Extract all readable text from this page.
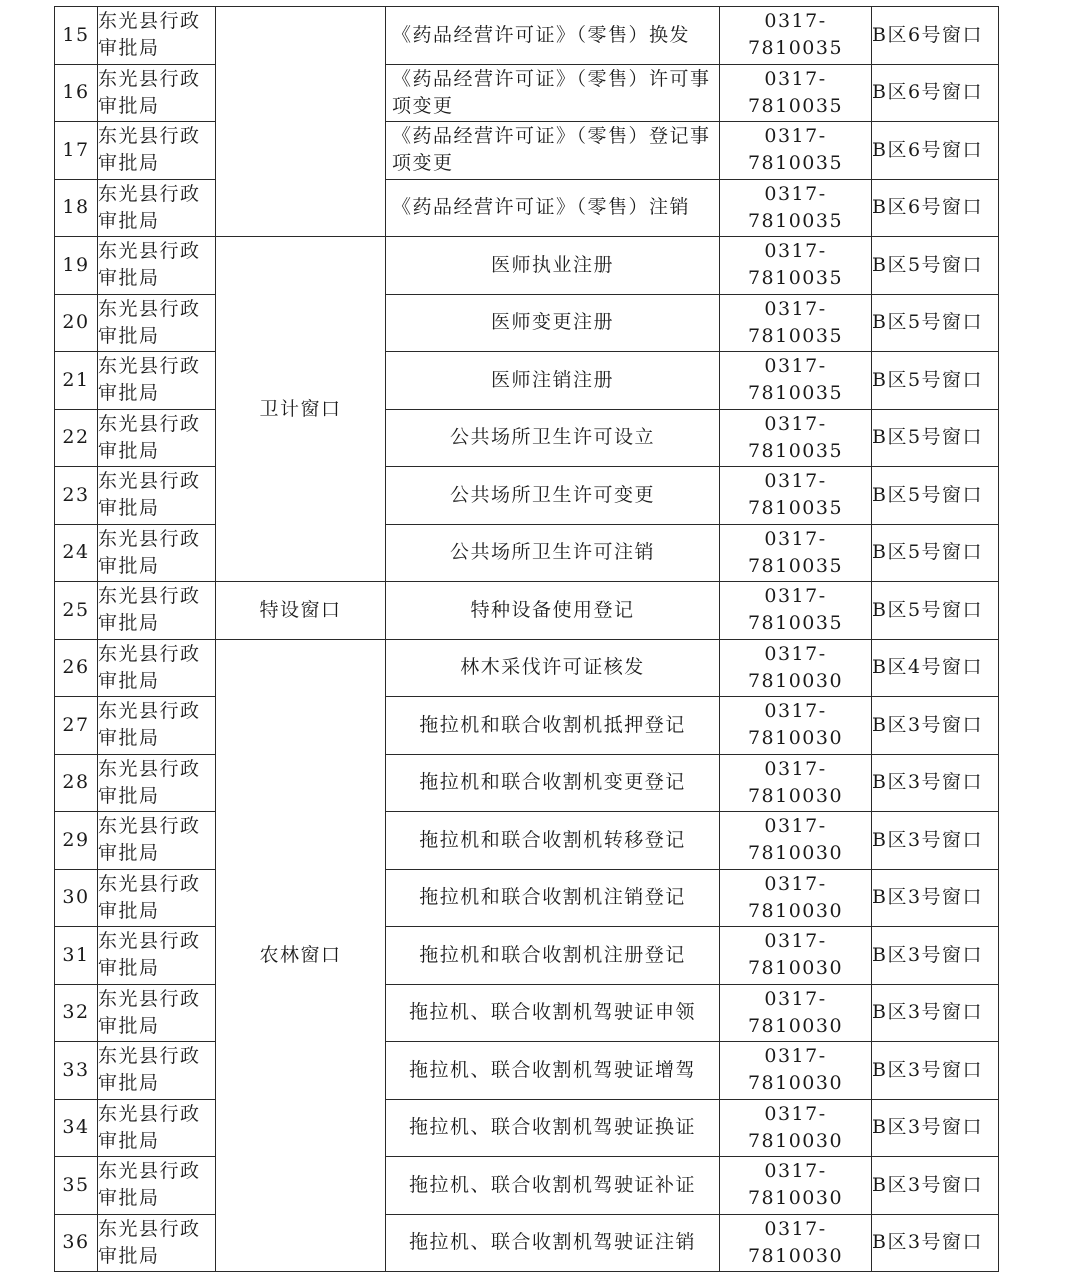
15	东光县行政审批局		《药品经营许可证》（零售）换发	0317-7810035	B区6号窗口

16	东光县行政审批局		《药品经营许可证》（零售）许可事项变更	0317-7810035	B区6号窗口

17	东光县行政审批局		《药品经营许可证》（零售）登记事项变更	0317-7810035	B区6号窗口

18	东光县行政审批局		《药品经营许可证》（零售）注销	0317-7810035	B区6号窗口

19	东光县行政审批局	卫计窗口	医师执业注册	0317-7810035	B区5号窗口

20	东光县行政审批局		医师变更注册	0317-7810035	B区5号窗口

21	东光县行政审批局		医师注销注册	0317-7810035	B区5号窗口

22	东光县行政审批局		公共场所卫生许可设立	0317-7810035	B区5号窗口

23	东光县行政审批局		公共场所卫生许可变更	0317-7810035	B区5号窗口

24	东光县行政审批局		公共场所卫生许可注销	0317-7810035	B区5号窗口

25	东光县行政审批局	特设窗口	特种设备使用登记	0317-7810035	B区5号窗口

26	东光县行政审批局	农林窗口	林木采伐许可证核发	0317-7810030	B区4号窗口

27	东光县行政审批局		拖拉机和联合收割机抵押登记	0317-7810030	B区3号窗口

28	东光县行政审批局		拖拉机和联合收割机变更登记	0317-7810030	B区3号窗口

29	东光县行政审批局		拖拉机和联合收割机转移登记	0317-7810030	B区3号窗口

30	东光县行政审批局		拖拉机和联合收割机注销登记	0317-7810030	B区3号窗口

31	东光县行政审批局		拖拉机和联合收割机注册登记	0317-7810030	B区3号窗口

32	东光县行政审批局		拖拉机、联合收割机驾驶证申领	0317-7810030	B区3号窗口

33	东光县行政审批局		拖拉机、联合收割机驾驶证增驾	0317-7810030	B区3号窗口

34	东光县行政审批局		拖拉机、联合收割机驾驶证换证	0317-7810030	B区3号窗口

35	东光县行政审批局		拖拉机、联合收割机驾驶证补证	0317-7810030	B区3号窗口

36	东光县行政审批局		拖拉机、联合收割机驾驶证注销	0317-7810030	B区3号窗口
